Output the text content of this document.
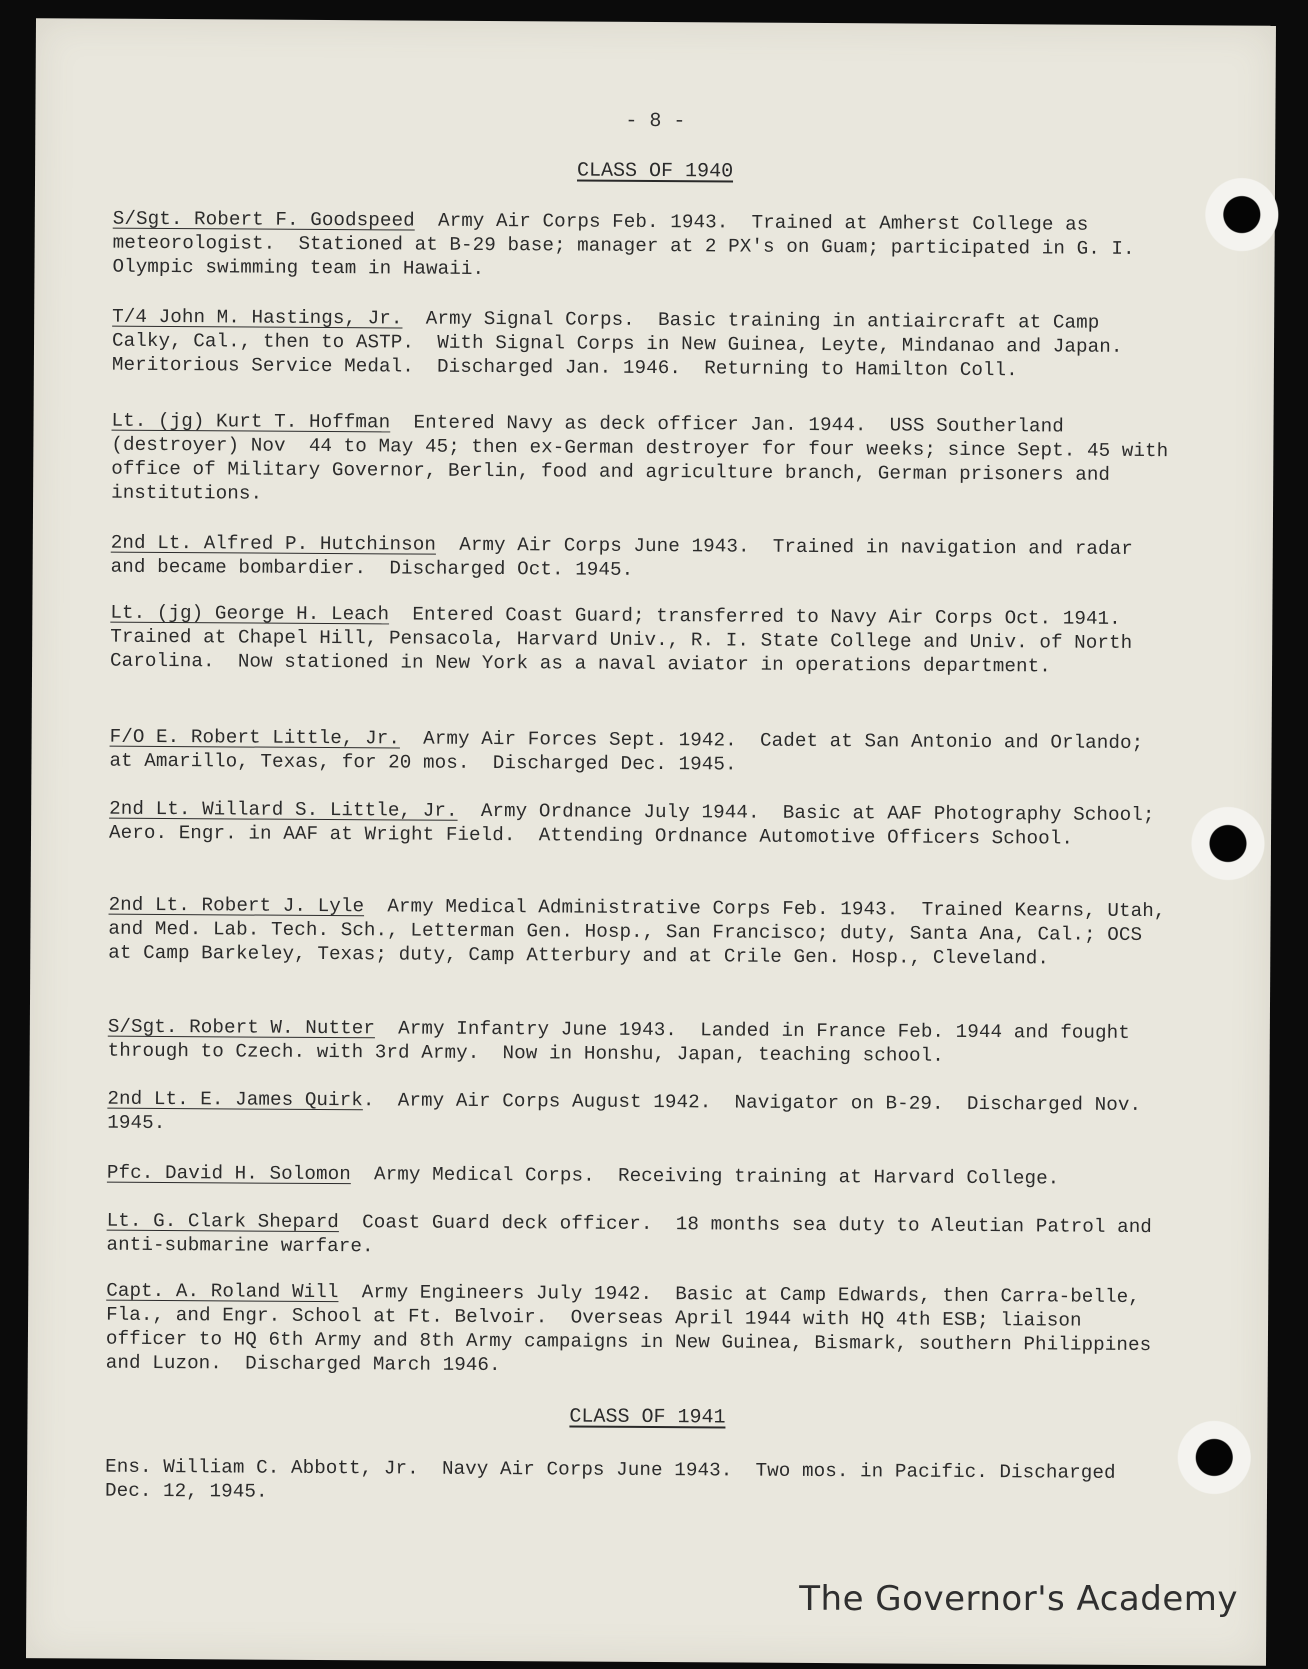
- 8 -
CLASS OF 1940
S/Sgt. Robert F. Goodspeed  Army Air Corps Feb. 1943.  Trained at Amherst College as meteorologist.  Stationed at B-29 base; manager at 2 PX's on Guam; participated in G. I. Olympic swimming team in Hawaii.
T/4 John M. Hastings, Jr.  Army Signal Corps.  Basic training in antiaircraft at Camp Calky, Cal., then to ASTP.  With Signal Corps in New Guinea, Leyte, Mindanao and Japan.  Meritorious Service Medal.  Discharged Jan. 1946.  Returning to Hamilton Coll.
Lt. (jg) Kurt T. Hoffman  Entered Navy as deck officer Jan. 1944.  USS Southerland (destroyer) Nov  44 to May 45; then ex-German destroyer for four weeks; since Sept. 45 with office of Military Governor, Berlin, food and agriculture branch, German prisoners and institutions.
2nd Lt. Alfred P. Hutchinson  Army Air Corps June 1943.  Trained in navigation and radar and became bombardier.  Discharged Oct. 1945.
Lt. (jg) George H. Leach  Entered Coast Guard; transferred to Navy Air Corps Oct. 1941.  Trained at Chapel Hill, Pensacola, Harvard Univ., R. I. State College and Univ. of North Carolina.  Now stationed in New York as a naval aviator in operations department.
F/O E. Robert Little, Jr.  Army Air Forces Sept. 1942.  Cadet at San Antonio and Orlando; at Amarillo, Texas, for 20 mos.  Discharged Dec. 1945.
2nd Lt. Willard S. Little, Jr.  Army Ordnance July 1944.  Basic at AAF Photography School; Aero. Engr. in AAF at Wright Field.  Attending Ordnance Automotive Officers School.
2nd Lt. Robert J. Lyle  Army Medical Administrative Corps Feb. 1943.  Trained Kearns, Utah, and Med. Lab. Tech. Sch., Letterman Gen. Hosp., San Francisco; duty, Santa Ana, Cal.; OCS at Camp Barkeley, Texas; duty, Camp Atterbury and at Crile Gen. Hosp., Cleveland.
S/Sgt. Robert W. Nutter  Army Infantry June 1943.  Landed in France Feb. 1944 and fought through to Czech. with 3rd Army.  Now in Honshu, Japan, teaching school.
2nd Lt. E. James Quirk.  Army Air Corps August 1942.  Navigator on B-29.  Discharged Nov. 1945.
Pfc. David H. Solomon  Army Medical Corps.  Receiving training at Harvard College.
Lt. G. Clark Shepard  Coast Guard deck officer.  18 months sea duty to Aleutian Patrol and anti-submarine warfare.
Capt. A. Roland Will  Army Engineers July 1942.  Basic at Camp Edwards, then Carra-belle, Fla., and Engr. School at Ft. Belvoir.  Overseas April 1944 with HQ 4th ESB; liaison officer to HQ 6th Army and 8th Army campaigns in New Guinea, Bismark, southern Philippines and Luzon.  Discharged March 1946.
CLASS OF 1941
Ens. William C. Abbott, Jr.  Navy Air Corps June 1943.  Two mos. in Pacific. Discharged Dec. 12, 1945.
The Governor's Academy
